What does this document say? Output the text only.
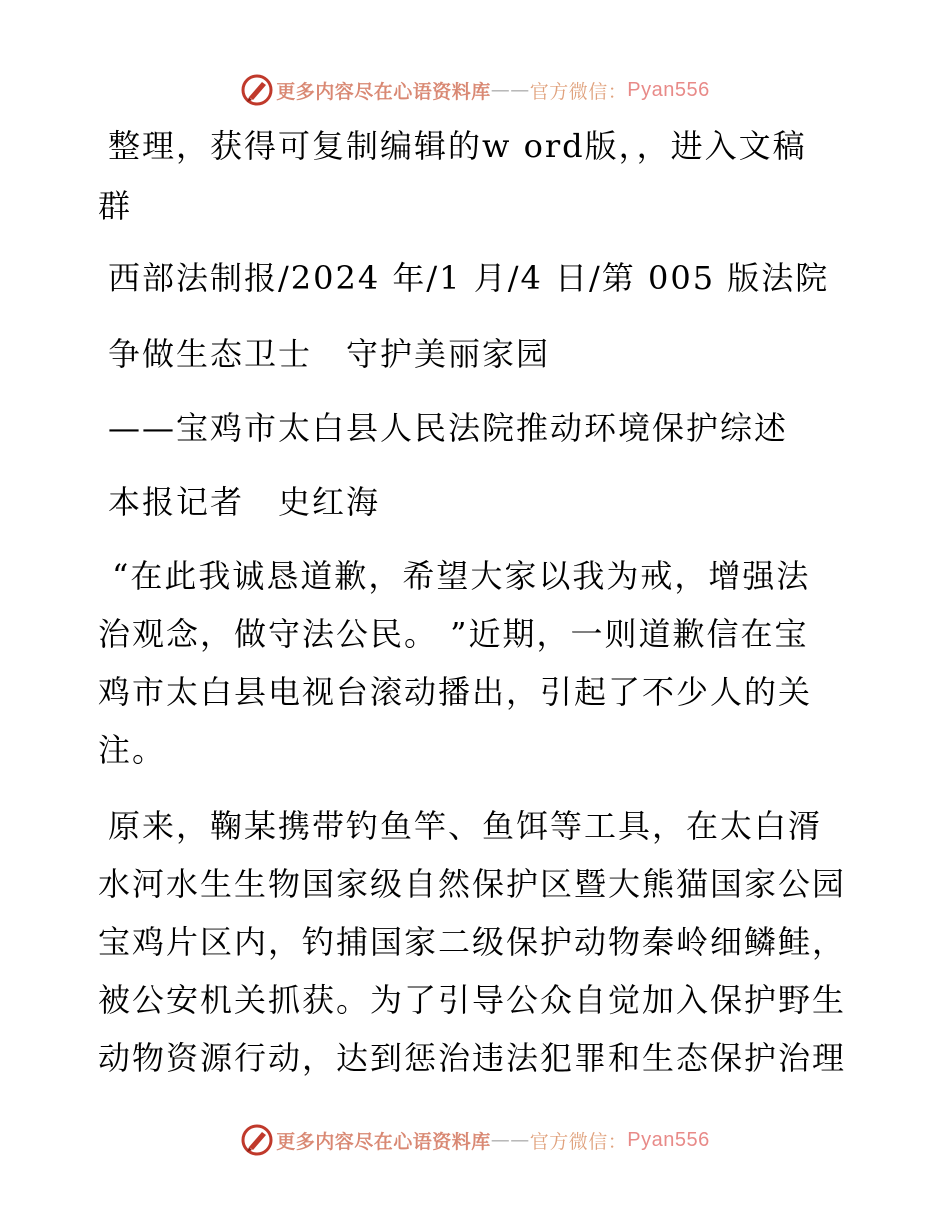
更多内容尽在心语资料库 —— 官方微信： Pyan556
整理，获得可复制编辑的w ord版，，进入文稿
群
西部法制报/2024 年/1 月/4 日/第 005 版法院
争做生态卫士　守护美丽家园
——宝鸡市太白县人民法院推动环境保护综述
本报记者　史红海
“在此我诚恳道歉，希望大家以我为戒，增强法
治观念，做守法公民。 ”近期，一则道歉信在宝
鸡市太白县电视台滚动播出，引起了不少人的关
注。
原来，鞠某携带钓鱼竿、鱼饵等工具，在太白湑
水河水生生物国家级自然保护区暨大熊猫国家公园
宝鸡片区内，钓捕国家二级保护动物秦岭细鳞鲑，
被公安机关抓获。为了引导公众自觉加入保护野生
动物资源行动，达到惩治违法犯罪和生态保护治理
更多内容尽在心语资料库 —— 官方微信： Pyan556
